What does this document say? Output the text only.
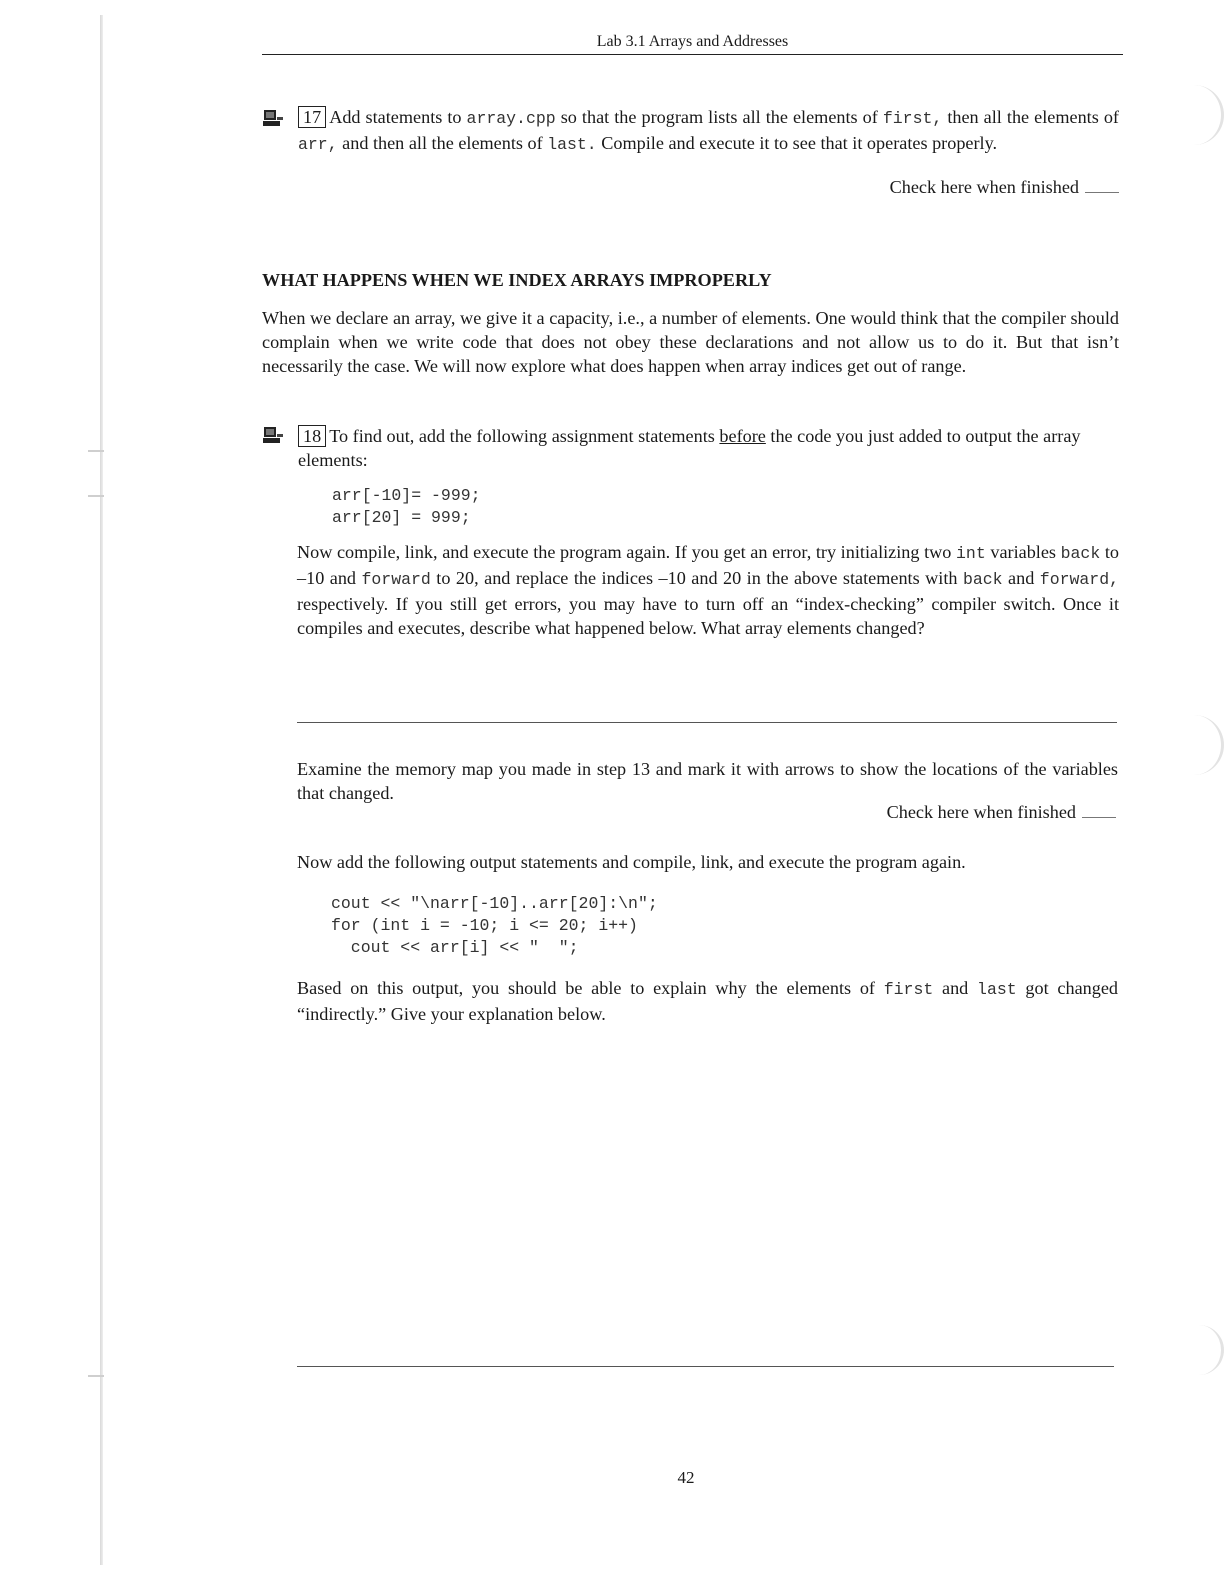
Lab 3.1 Arrays and Addresses

17 Add statements to array.cpp so that the program lists all the elements of first, then all the elements of arr, and then all the elements of last. Compile and execute it to see that it operates properly.

Check here when finished
WHAT HAPPENS WHEN WE INDEX ARRAYS IMPROPERLY

When we declare an array, we give it a capacity, i.e., a number of elements. One would think that the compiler should complain when we write code that does not obey these declarations and not allow us to do it. But that isn’t necessarily the case. We will now explore what does happen when array indices get out of range.

18 To find out, add the following assignment statements before the code you just added to output the array elements:

arr[-10]= -999;
arr[20] = 999;

Now compile, link, and execute the program again. If you get an error, try initializing two int variables back to –10 and forward to 20, and replace the indices –10 and 20 in the above statements with back and forward, respectively. If you still get errors, you may have to turn off an “index-checking” compiler switch. Once it compiles and executes, describe what happened below. What array elements changed?

Examine the memory map you made in step 13 and mark it with arrows to show the locations of the variables that changed.

Check here when finished

Now add the following output statements and compile, link, and execute the program again.

cout << "\narr[-10]..arr[20]:\n";
for (int i = -10; i <= 20; i++)
cout << arr[i] << "  ";

Based on this output, you should be able to explain why the elements of first and last got changed “indirectly.” Give your explanation below.

42
